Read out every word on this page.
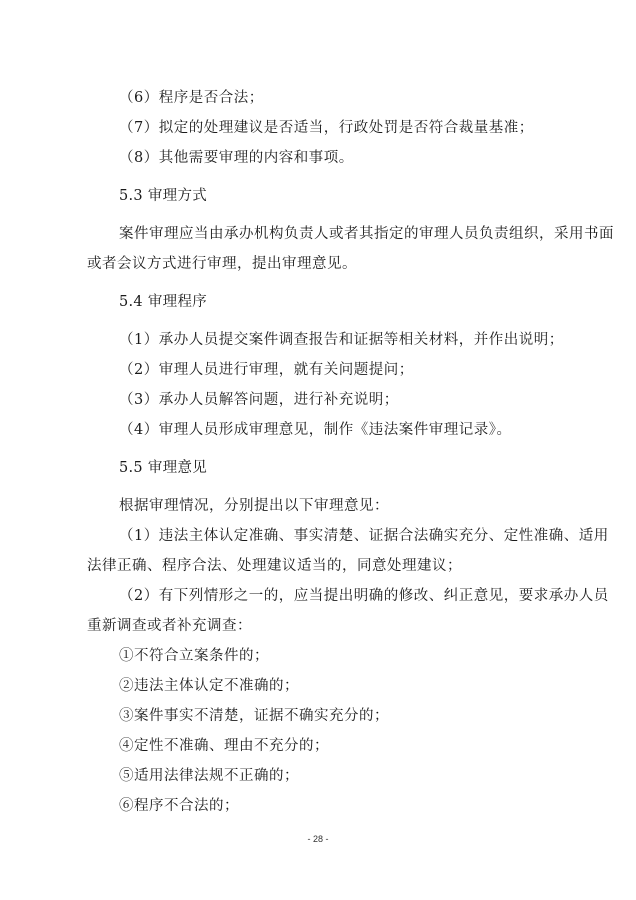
（6）程序是否合法；
（7）拟定的处理建议是否适当，行政处罚是否符合裁量基准；
（8）其他需要审理的内容和事项。
5.3 审理方式
案件审理应当由承办机构负责人或者其指定的审理人员负责组织，采用书面
或者会议方式进行审理，提出审理意见。
5.4 审理程序
（1）承办人员提交案件调查报告和证据等相关材料，并作出说明；
（2）审理人员进行审理，就有关问题提问；
（3）承办人员解答问题，进行补充说明；
（4）审理人员形成审理意见，制作《违法案件审理记录》。
5.5 审理意见
根据审理情况，分别提出以下审理意见：
（1）违法主体认定准确、事实清楚、证据合法确实充分、定性准确、适用
法律正确、程序合法、处理建议适当的，同意处理建议；
（2）有下列情形之一的，应当提出明确的修改、纠正意见，要求承办人员
重新调查或者补充调查：
①不符合立案条件的；
②违法主体认定不准确的；
③案件事实不清楚，证据不确实充分的；
④定性不准确、理由不充分的；
⑤适用法律法规不正确的；
⑥程序不合法的；
- 28 -
